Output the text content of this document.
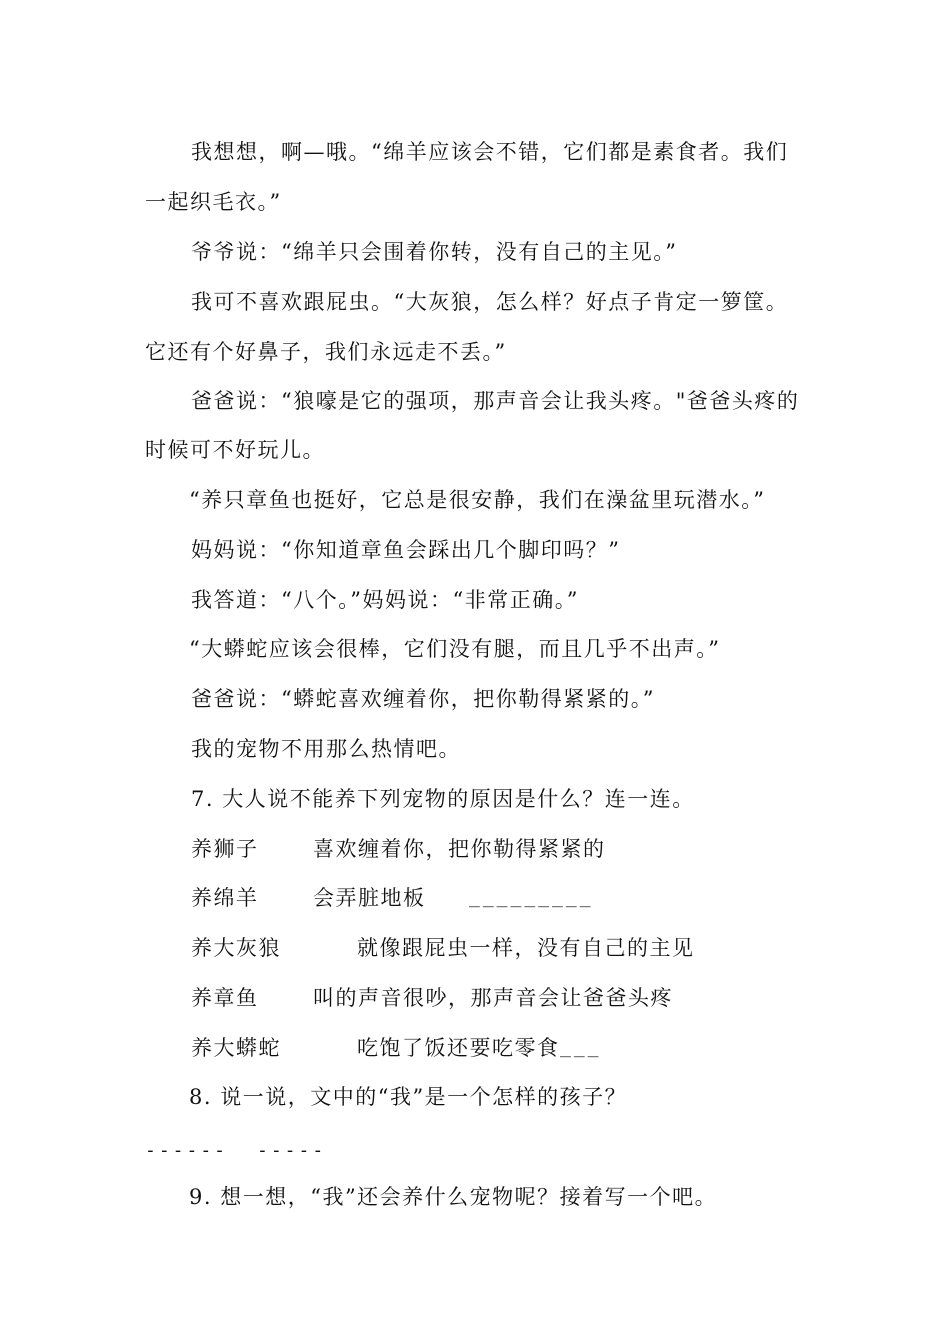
我想想，啊—哦。“绵羊应该会不错，它们都是素食者。我们
一起织毛衣。”
爷爷说：“绵羊只会围着你转，没有自己的主见。”
我可不喜欢跟屁虫。“大灰狼，怎么样？好点子肯定一箩筐。
它还有个好鼻子，我们永远走不丢。”
爸爸说：“狼嚎是它的强项，那声音会让我头疼。"爸爸头疼的
时候可不好玩儿。
“养只章鱼也挺好，它总是很安静，我们在澡盆里玩潜水。”
妈妈说：“你知道章鱼会踩出几个脚印吗？”
我答道：“八个。”妈妈说：“非常正确。”
“大蟒蛇应该会很棒，它们没有腿，而且几乎不出声。”
爸爸说：“蟒蛇喜欢缠着你，把你勒得紧紧的。”
我的宠物不用那么热情吧。
7. 大人说不能养下列宠物的原因是什么？连一连。
养狮子	喜欢缠着你，把你勒得紧紧的
养绵羊	会弄脏地板 _________
养大灰狼	就像跟屁虫一样，没有自己的主见
养章鱼	叫的声音很吵，那声音会让爸爸头疼
养大蟒蛇	吃饱了饭还要吃零食 ___
8. 说一说，文中的“我”是一个怎样的孩子？
------ -----
9. 想一想，“我”还会养什么宠物呢？接着写一个吧。
